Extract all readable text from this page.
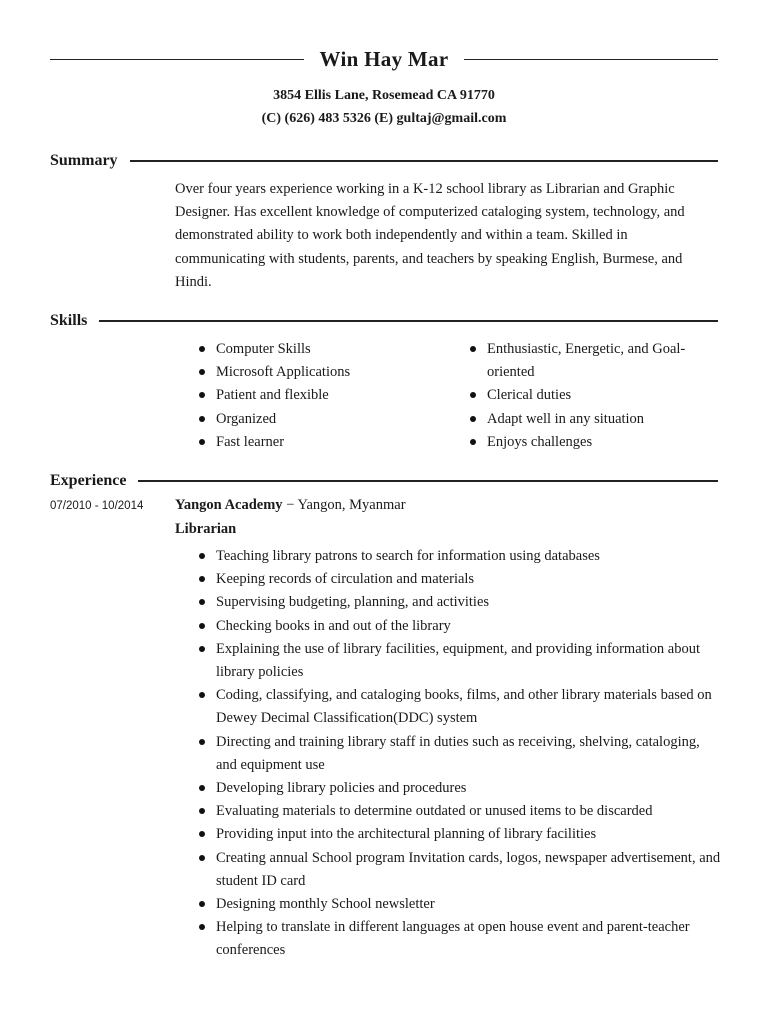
Win Hay Mar
3854 Ellis Lane, Rosemead CA 91770
(C) (626) 483 5326 (E) gultaj@gmail.com
Summary
Over four years experience working in a K-12 school library as Librarian and Graphic Designer. Has excellent knowledge of computerized cataloging system, technology, and demonstrated ability to work both independently and within a team. Skilled in communicating with students, parents, and teachers by speaking English, Burmese, and Hindi.
Skills
Computer Skills
Microsoft Applications
Patient and flexible
Organized
Fast learner
Enthusiastic, Energetic, and Goal-oriented
Clerical duties
Adapt well in any situation
Enjoys challenges
Experience
07/2010 - 10/2014 Yangon Academy − Yangon, Myanmar
Librarian
Teaching library patrons to search for information using databases
Keeping records of circulation and materials
Supervising budgeting, planning, and activities
Checking books in and out of the library
Explaining the use of library facilities, equipment, and providing information about library policies
Coding, classifying, and cataloging books, films, and other library materials based on Dewey Decimal Classification(DDC) system
Directing and training library staff in duties such as receiving, shelving, cataloging, and equipment use
Developing library policies and procedures
Evaluating materials to determine outdated or unused items to be discarded
Providing input into the architectural planning of library facilities
Creating annual School program Invitation cards, logos, newspaper advertisement, and student ID card
Designing monthly School newsletter
Helping to translate in different languages at open house event and parent-teacher conferences
